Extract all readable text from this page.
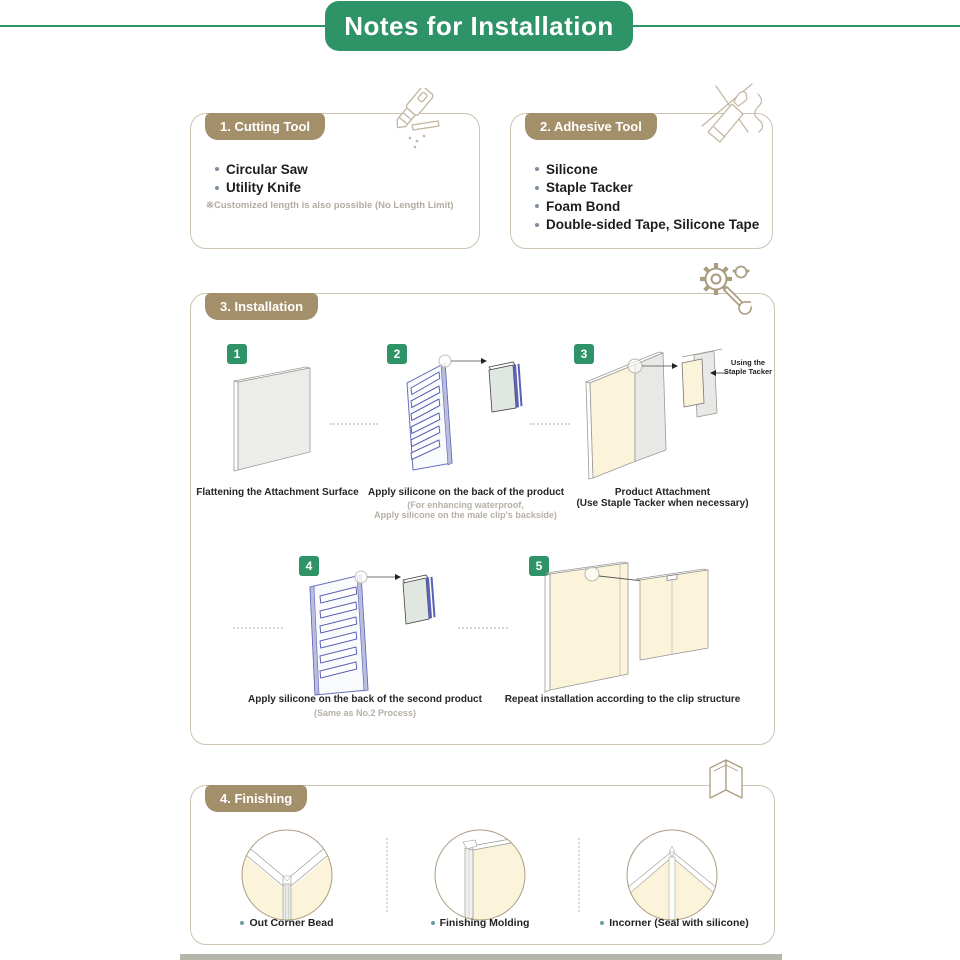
Notes for Installation
1. Cutting Tool
Circular Saw
Utility Knife
※Customized length is also possible (No Length Limit)
2. Adhesive Tool
Silicone
Staple Tacker
Foam Bond
Double-sided Tape, Silicone Tape
3. Installation
1
Flattening the Attachment Surface
2
Apply silicone on the back of the product
(For enhancing waterproof,
Apply silicone on the male clip's backside)
3
Using the
Staple Tacker
Product Attachment
(Use Staple Tacker when necessary)
4
Apply silicone on the back of the second product
(Same as No.2 Process)
5
Repeat installation according to the clip structure
4. Finishing
Out Corner Bead	Finishing Molding	Incorner (Seal with silicone)
